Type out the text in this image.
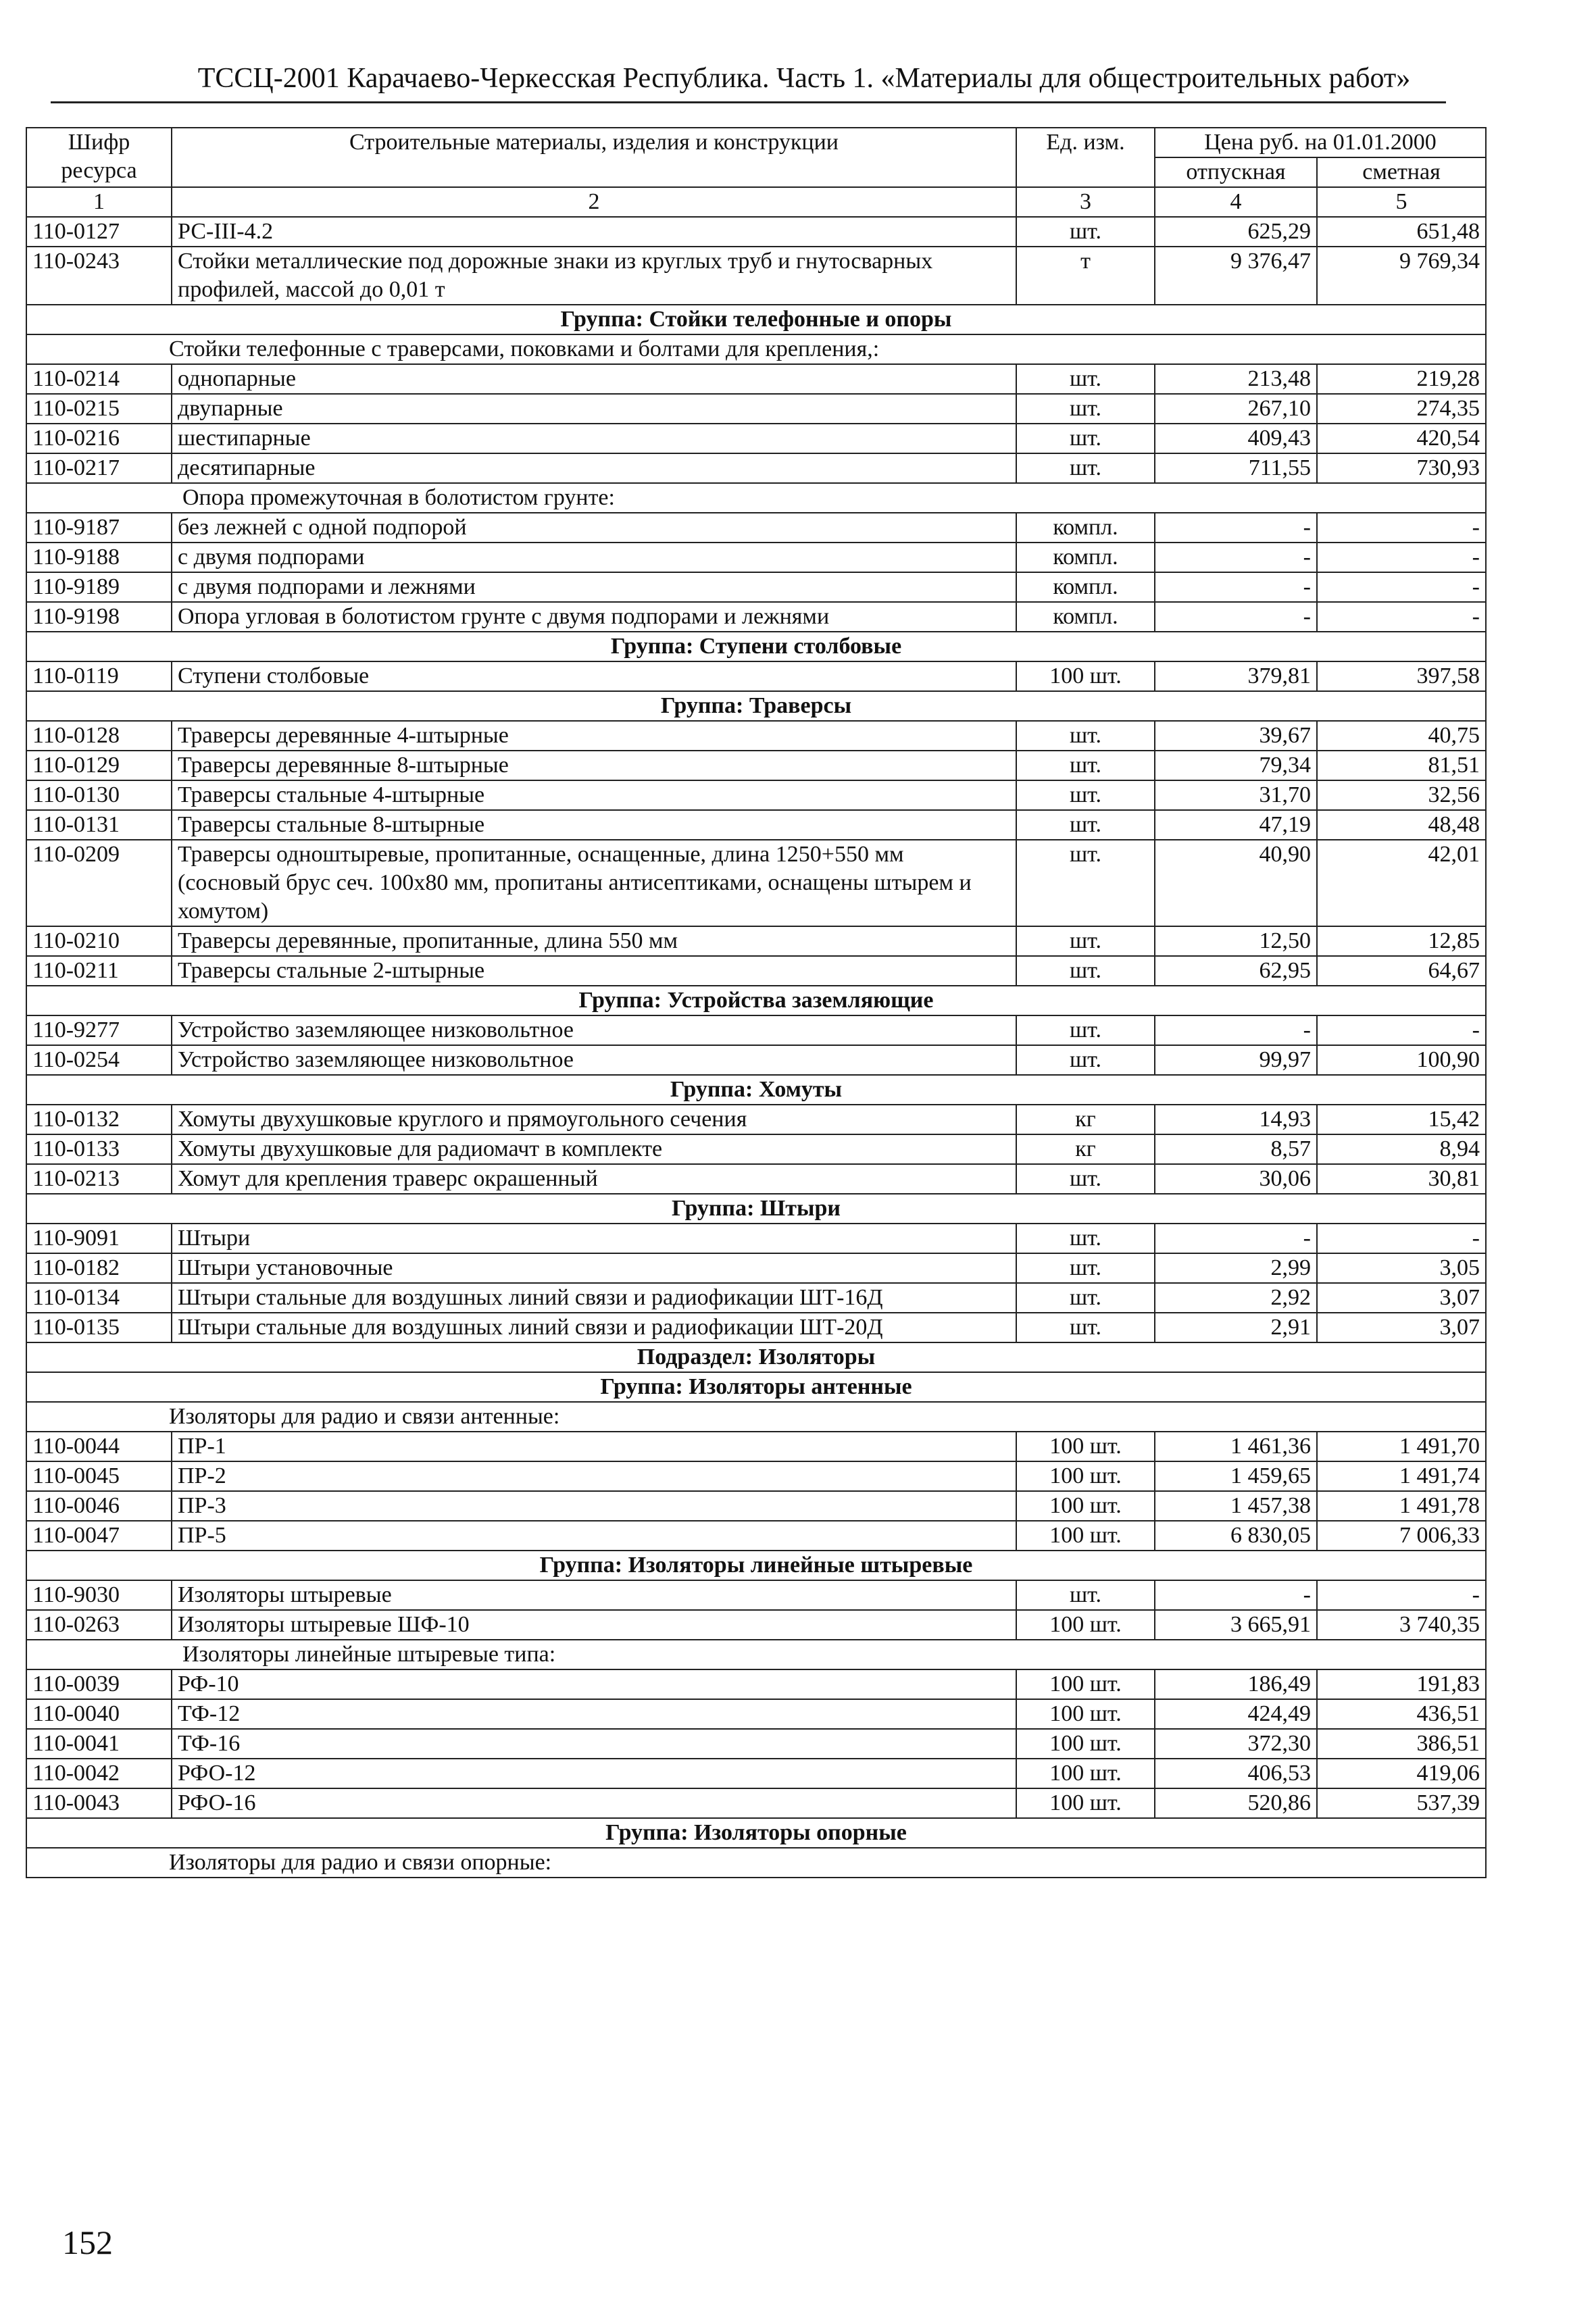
ТССЦ-2001 Карачаево-Черкесская Республика. Часть 1. «Материалы для общестроительных работ»
Шифр ресурса	Строительные материалы, изделия и конструкции	Ед. изм.	Цена руб. на 01.01.2000	
			отпускная	сметная
1	2	3	4	5
110-0127	РС-III-4.2	шт.	625,29	651,48
110-0243	Стойки металлические под дорожные знаки из круглых труб и гнутосварных профилей, массой до 0,01 т	т	9 376,47	9 769,34
Группа: Стойки телефонные и опоры				
Стойки телефонные с траверсами, поковками и болтами для крепления,:				
110-0214	однопарные	шт.	213,48	219,28
110-0215	двупарные	шт.	267,10	274,35
110-0216	шестипарные	шт.	409,43	420,54
110-0217	десятипарные	шт.	711,55	730,93
Опора промежуточная в болотистом грунте:				
110-9187	без лежней с одной подпорой	компл.	-	-
110-9188	с двумя подпорами	компл.	-	-
110-9189	с двумя подпорами и лежнями	компл.	-	-
110-9198	Опора угловая в болотистом грунте с двумя подпорами и лежнями	компл.	-	-
Группа: Ступени столбовые				
110-0119	Ступени столбовые	100 шт.	379,81	397,58
Группа: Траверсы				
110-0128	Траверсы деревянные 4-штырные	шт.	39,67	40,75
110-0129	Траверсы деревянные 8-штырные	шт.	79,34	81,51
110-0130	Траверсы стальные 4-штырные	шт.	31,70	32,56
110-0131	Траверсы стальные 8-штырные	шт.	47,19	48,48
110-0209	Траверсы одноштыревые, пропитанные, оснащенные, длина 1250+550 мм (сосновый брус сеч. 100х80 мм, пропитаны антисептиками, оснащены штырем и хомутом)	шт.	40,90	42,01
110-0210	Траверсы деревянные, пропитанные, длина 550 мм	шт.	12,50	12,85
110-0211	Траверсы стальные 2-штырные	шт.	62,95	64,67
Группа: Устройства заземляющие				
110-9277	Устройство заземляющее низковольтное	шт.	-	-
110-0254	Устройство заземляющее низковольтное	шт.	99,97	100,90
Группа: Хомуты				
110-0132	Хомуты двухушковые круглого и прямоугольного сечения	кг	14,93	15,42
110-0133	Хомуты двухушковые для радиомачт в комплекте	кг	8,57	8,94
110-0213	Хомут для крепления траверс окрашенный	шт.	30,06	30,81
Группа: Штыри				
110-9091	Штыри	шт.	-	-
110-0182	Штыри установочные	шт.	2,99	3,05
110-0134	Штыри стальные для воздушных линий связи и радиофикации ШТ-16Д	шт.	2,92	3,07
110-0135	Штыри стальные для воздушных линий связи и радиофикации ШТ-20Д	шт.	2,91	3,07
Подраздел: Изоляторы				
Группа: Изоляторы антенные				
Изоляторы для радио и связи антенные:				
110-0044	ПР-1	100 шт.	1 461,36	1 491,70
110-0045	ПР-2	100 шт.	1 459,65	1 491,74
110-0046	ПР-3	100 шт.	1 457,38	1 491,78
110-0047	ПР-5	100 шт.	6 830,05	7 006,33
Группа: Изоляторы линейные штыревые				
110-9030	Изоляторы штыревые	шт.	-	-
110-0263	Изоляторы штыревые ШФ-10	100 шт.	3 665,91	3 740,35
Изоляторы линейные штыревые типа:				
110-0039	РФ-10	100 шт.	186,49	191,83
110-0040	ТФ-12	100 шт.	424,49	436,51
110-0041	ТФ-16	100 шт.	372,30	386,51
110-0042	РФО-12	100 шт.	406,53	419,06
110-0043	РФО-16	100 шт.	520,86	537,39
Группа: Изоляторы опорные				
Изоляторы для радио и связи опорные:				
152
